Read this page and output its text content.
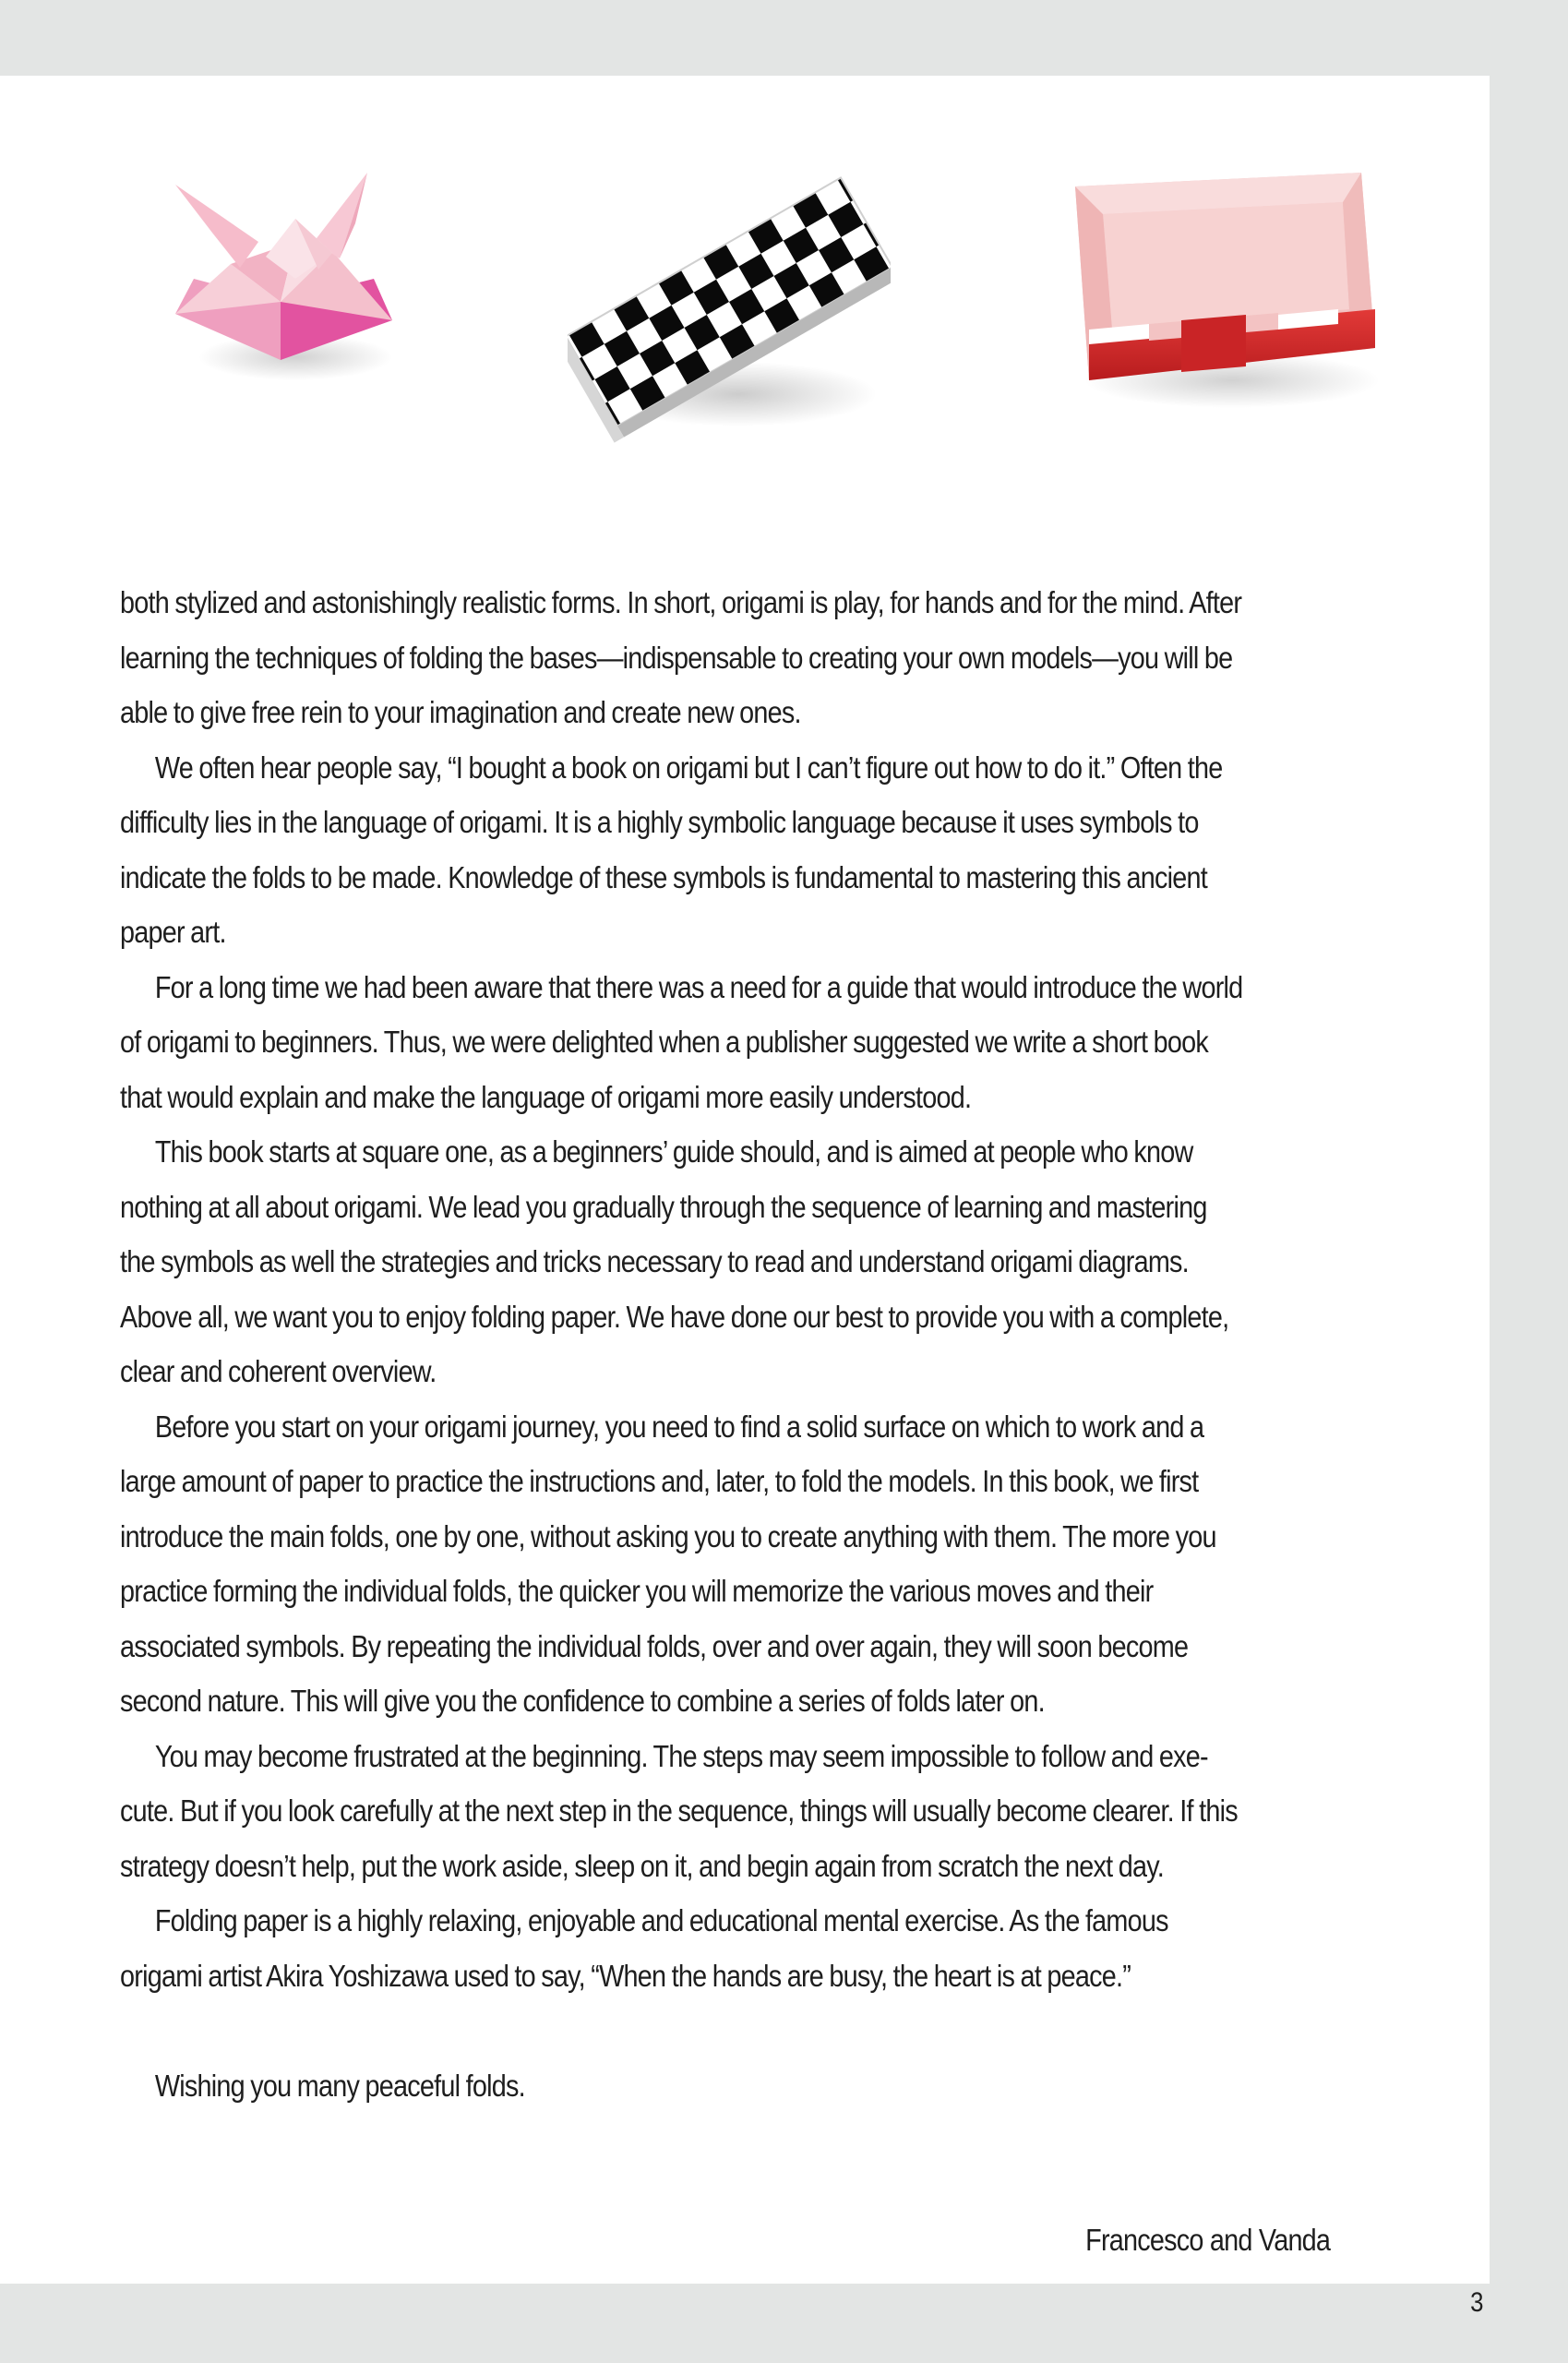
both stylized and astonishingly realistic forms. In short, origami is play, for hands and for the mind. After learning the techniques of folding the bases—indispensable to creating your own models—you will be able to give free rein to your imagination and create new ones.

We often hear people say, “I bought a book on origami but I can’t figure out how to do it.” Often the difficulty lies in the language of origami. It is a highly symbolic language because it uses symbols to indicate the folds to be made. Knowledge of these symbols is fundamental to mastering this ancient paper art.

For a long time we had been aware that there was a need for a guide that would introduce the world of origami to beginners. Thus, we were delighted when a publisher suggested we write a short book that would explain and make the language of origami more easily understood.

This book starts at square one, as a beginners’ guide should, and is aimed at people who know nothing at all about origami. We lead you gradually through the sequence of learning and mastering the symbols as well the strategies and tricks necessary to read and understand origami diagrams. Above all, we want you to enjoy folding paper. We have done our best to provide you with a complete, clear and coherent overview.

Before you start on your origami journey, you need to find a solid surface on which to work and a large amount of paper to practice the instructions and, later, to fold the models. In this book, we first introduce the main folds, one by one, without asking you to create anything with them. The more you practice forming the individual folds, the quicker you will memorize the various moves and their associated symbols. By repeating the individual folds, over and over again, they will soon become second nature. This will give you the confidence to combine a series of folds later on.

You may become frustrated at the beginning. The steps may seem impossible to follow and exe-cute. But if you look carefully at the next step in the sequence, things will usually become clearer. If this strategy doesn’t help, put the work aside, sleep on it, and begin again from scratch the next day.

Folding paper is a highly relaxing, enjoyable and educational mental exercise. As the famous origami artist Akira Yoshizawa used to say, “When the hands are busy, the heart is at peace.”

Wishing you many peaceful folds.

Francesco and Vanda
3
